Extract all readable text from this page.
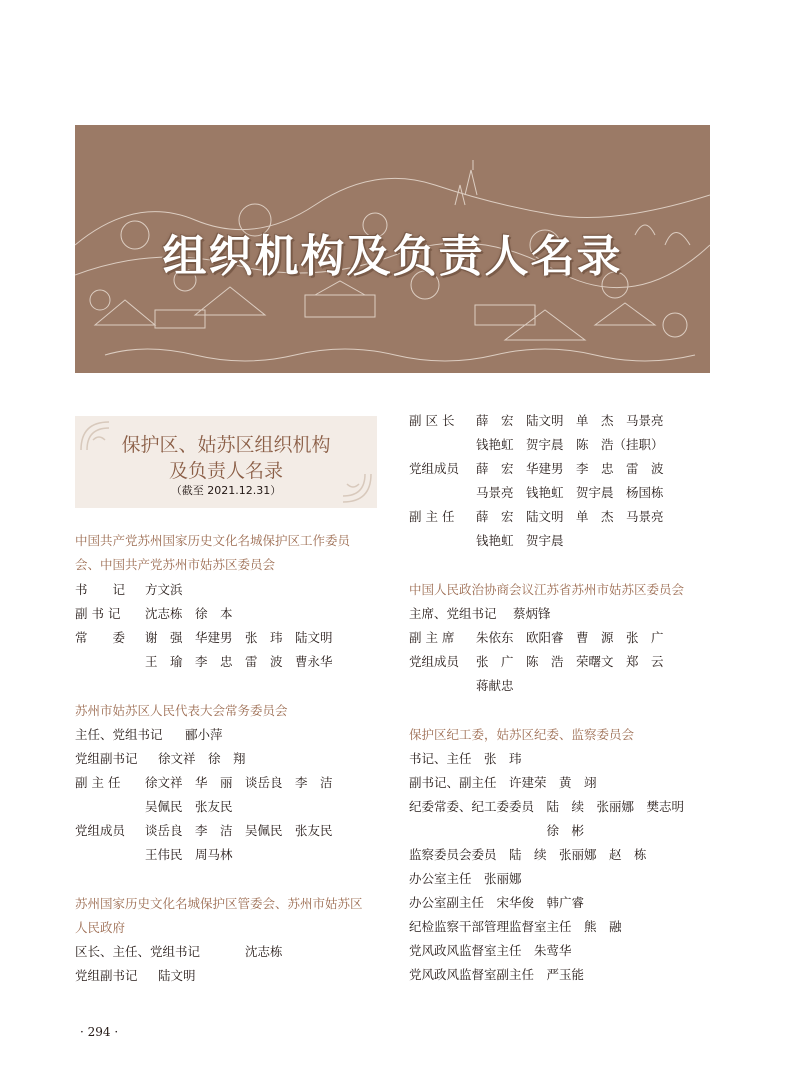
组织机构及负责人名录
保护区、姑苏区组织机构
及负责人名录
（截至 2021.12.31）
中国共产党苏州国家历史文化名城保护区工作委员
会、中国共产党苏州市姑苏区委员会
书　　记 方文浜
副 书 记 沈志栋　徐　本
常　　委 谢　强　华建男　张　玮　陆文明
王　瑜　李　忠　雷　波　曹永华
苏州市姑苏区人民代表大会常务委员会
主任、党组书记 郦小萍
党组副书记 徐文祥　徐　翔
副 主 任 徐文祥　华　丽　谈岳良　李　洁
吴佩民　张友民
党组成员 谈岳良　李　洁　吴佩民　张友民
王伟民　周马林
苏州国家历史文化名城保护区管委会、苏州市姑苏区
人民政府
区长、主任、党组书记	沈志栋
党组副书记 陆文明
副 区 长 薛　宏　陆文明　单　杰　马景亮
钱艳虹　贺宇晨　陈　浩（挂职）
党组成员 薛　宏　华建男　李　忠　雷　波
马景亮　钱艳虹　贺宇晨　杨国栋
副 主 任 薛　宏　陆文明　单　杰　马景亮
钱艳虹　贺宇晨
中国人民政治协商会议江苏省苏州市姑苏区委员会
主席、党组书记 蔡炳锋
副 主 席 朱依东　欧阳睿　曹　源　张　广
党组成员 张　广　陈　浩　荣曙文　郑　云
蒋献忠
保护区纪工委，姑苏区纪委、监察委员会
书记、主任　张　玮
副书记、副主任　许建荣　黄　翊
纪委常委、纪工委委员　陆　续　张丽娜　樊志明
　　　　　　　　　　　徐　彬
监察委员会委员　陆　续　张丽娜　赵　栋
办公室主任　张丽娜
办公室副主任　宋华俊　韩广睿
纪检监察干部管理监督室主任　熊　融
党风政风监督室主任　朱莺华
党风政风监督室副主任　严玉能
· 294 ·
